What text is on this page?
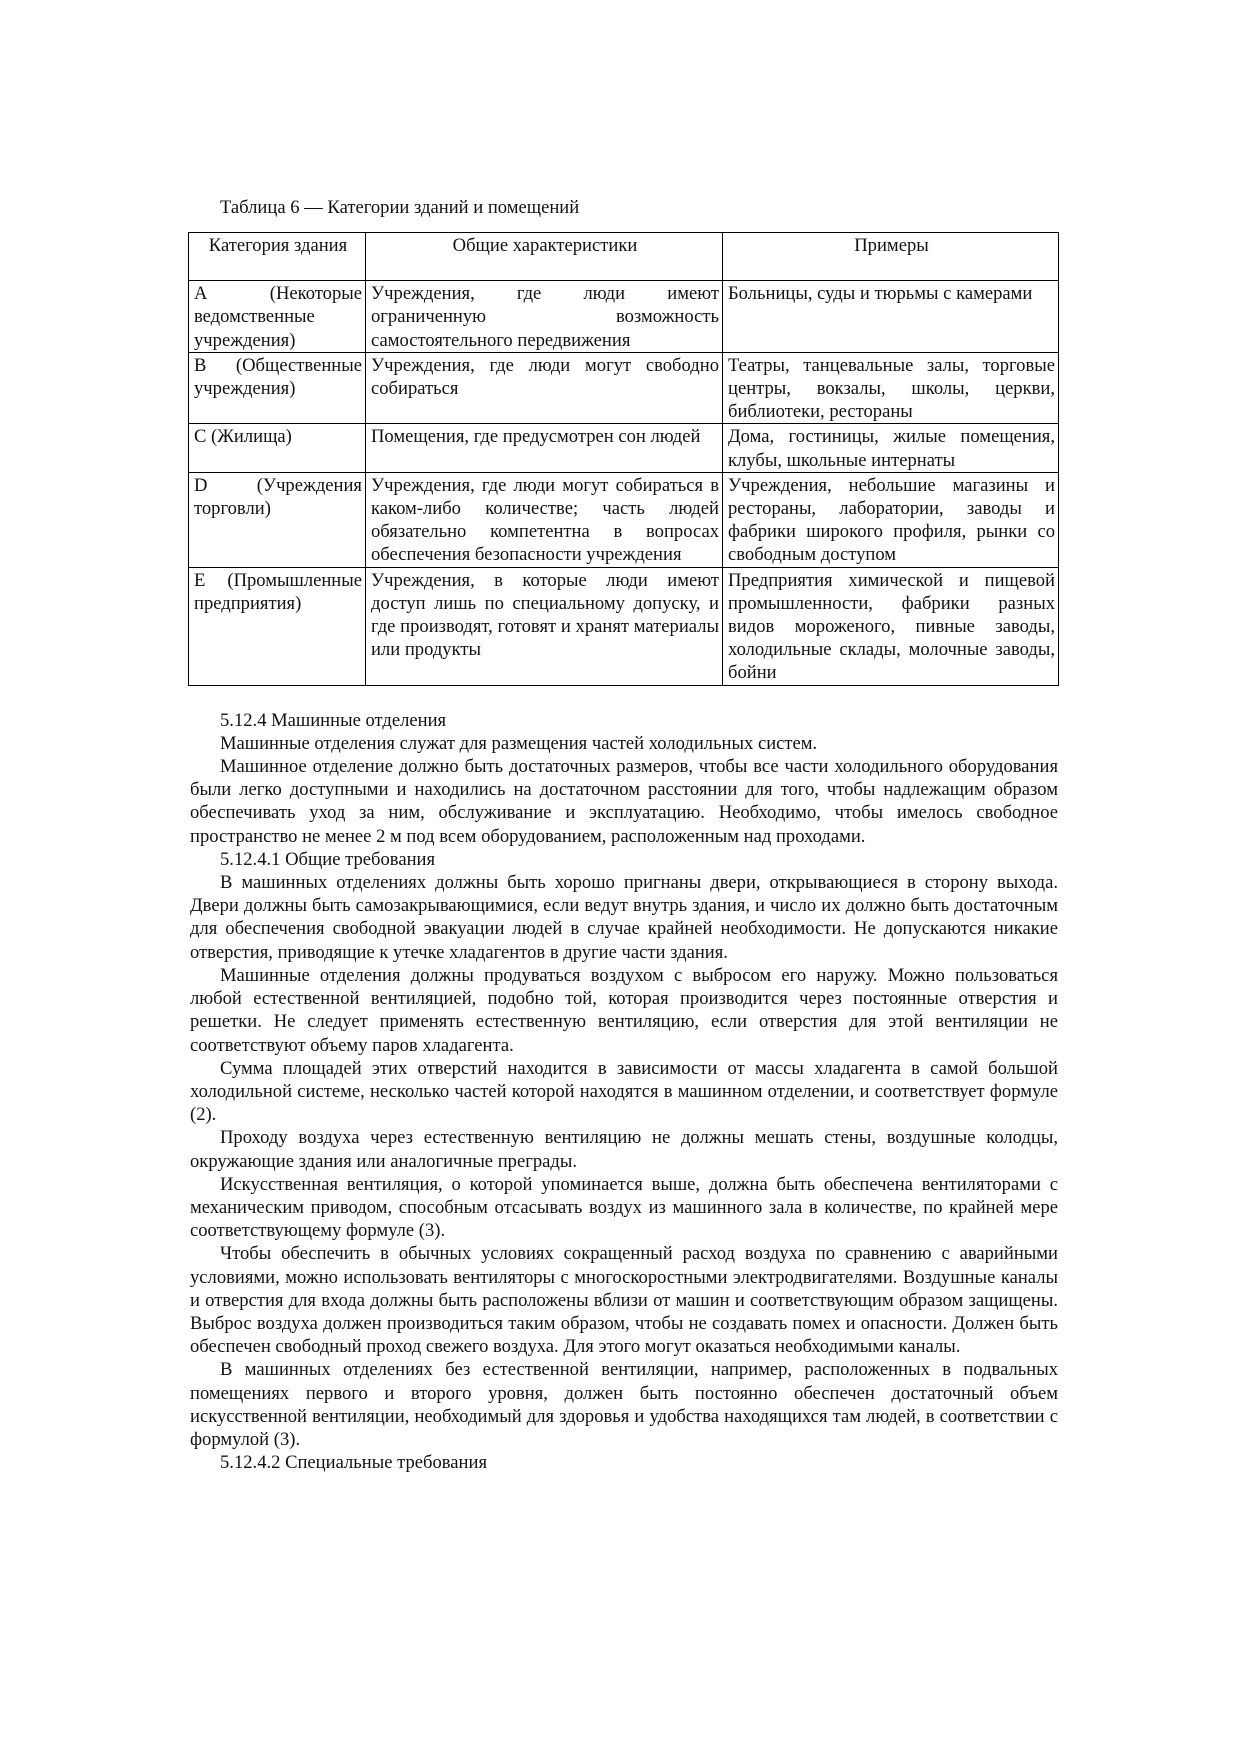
Таблица 6 — Категории зданий и помещений

Категория здания	Общие характеристики	Примеры
A (Некоторые ведомственные учреждения)	Учреждения, где люди имеют ограниченную возможность самостоятельного передвижения	Больницы, суды и тюрьмы с камерами
B (Общественные учреждения)	Учреждения, где люди могут свободно собираться	Театры, танцевальные залы, торговые центры, вокзалы, школы, церкви, библиотеки, рестораны
C (Жилища)	Помещения, где предусмотрен сон людей	Дома, гостиницы, жилые помещения, клубы, школьные интернаты
D (Учреждения торговли)	Учреждения, где люди могут собираться в каком-либо количестве; часть людей обязательно компетентна в вопросах обеспечения безопасности учреждения	Учреждения, небольшие магазины и рестораны, лаборатории, заводы и фабрики широкого профиля, рынки со свободным доступом
E (Промышленные предприятия)	Учреждения, в которые люди имеют доступ лишь по специальному допуску, и где производят, готовят и хранят материалы или продукты	Предприятия химической и пищевой промышленности, фабрики разных видов мороженого, пивные заводы, холодильные склады, молочные заводы, бойни

5.12.4 Машинные отделения

Машинные отделения служат для размещения частей холодильных систем.

Машинное отделение должно быть достаточных размеров, чтобы все части холодильного оборудования были легко доступными и находились на достаточном расстоянии для того, чтобы надлежащим образом обеспечивать уход за ним, обслуживание и эксплуатацию. Необходимо, чтобы имелось свободное пространство не менее 2 м под всем оборудованием, расположенным над проходами.

5.12.4.1 Общие требования

В машинных отделениях должны быть хорошо пригнаны двери, открывающиеся в сторону выхода. Двери должны быть самозакрывающимися, если ведут внутрь здания, и число их должно быть достаточным для обеспечения свободной эвакуации людей в случае крайней необходимости. Не допускаются никакие отверстия, приводящие к утечке хладагентов в другие части здания.

Машинные отделения должны продуваться воздухом с выбросом его наружу. Можно пользоваться любой естественной вентиляцией, подобно той, которая производится через постоянные отверстия и решетки. Не следует применять естественную вентиляцию, если отверстия для этой вентиляции не соответствуют объему паров хладагента.

Сумма площадей этих отверстий находится в зависимости от массы хладагента в самой большой холодильной системе, несколько частей которой находятся в машинном отделении, и соответствует формуле (2).

Проходу воздуха через естественную вентиляцию не должны мешать стены, воздушные колодцы, окружающие здания или аналогичные преграды.

Искусственная вентиляция, о которой упоминается выше, должна быть обеспечена вентиляторами с механическим приводом, способным отсасывать воздух из машинного зала в количестве, по крайней мере соответствующему формуле (3).

Чтобы обеспечить в обычных условиях сокращенный расход воздуха по сравнению с аварийными условиями, можно использовать вентиляторы с многоскоростными электродвигателями. Воздушные каналы и отверстия для входа должны быть расположены вблизи от машин и соответствующим образом защищены. Выброс воздуха должен производиться таким образом, чтобы не создавать помех и опасности. Должен быть обеспечен свободный проход свежего воздуха. Для этого могут оказаться необходимыми каналы.

В машинных отделениях без естественной вентиляции, например, расположенных в подвальных помещениях первого и второго уровня, должен быть постоянно обеспечен достаточный объем искусственной вентиляции, необходимый для здоровья и удобства находящихся там людей, в соответствии с формулой (3).

5.12.4.2 Специальные требования
